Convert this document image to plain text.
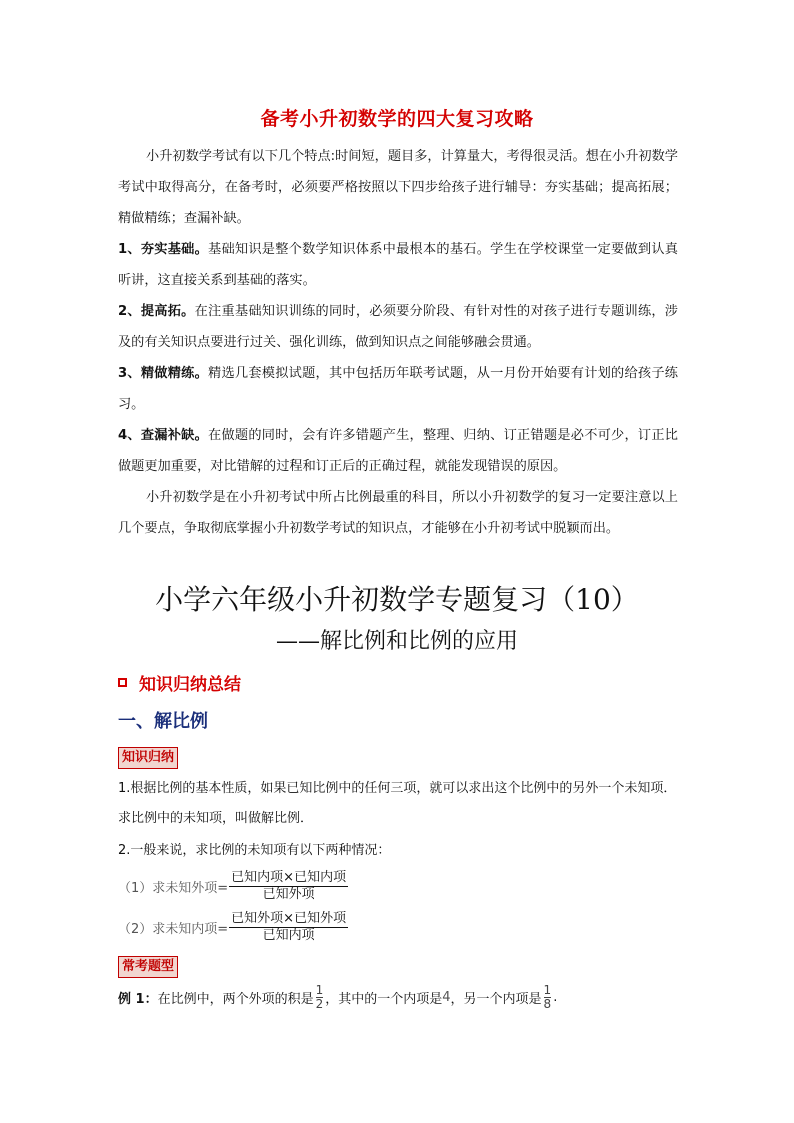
备考小升初数学的四大复习攻略
小升初数学考试有以下几个特点:时间短，题目多，计算量大，考得很灵活。想在小升初数学考试中取得高分，在备考时，必须要严格按照以下四步给孩子进行辅导：夯实基础；提高拓展；精做精练；查漏补缺。
1、夯实基础。基础知识是整个数学知识体系中最根本的基石。学生在学校课堂一定要做到认真听讲，这直接关系到基础的落实。
2、提高拓。在注重基础知识训练的同时，必须要分阶段、有针对性的对孩子进行专题训练，涉及的有关知识点要进行过关、强化训练，做到知识点之间能够融会贯通。
3、精做精练。精选几套模拟试题，其中包括历年联考试题，从一月份开始要有计划的给孩子练习。
4、查漏补缺。在做题的同时，会有许多错题产生，整理、归纳、订正错题是必不可少，订正比做题更加重要，对比错解的过程和订正后的正确过程，就能发现错误的原因。
小升初数学是在小升初考试中所占比例最重的科目，所以小升初数学的复习一定要注意以上几个要点，争取彻底掌握小升初数学考试的知识点，才能够在小升初考试中脱颖而出。
小学六年级小升初数学专题复习（10）
——解比例和比例的应用
知识归纳总结
一、解比例
知识归纳
1.根据比例的基本性质，如果已知比例中的任何三项，就可以求出这个比例中的另外一个未知项．求比例中的未知项，叫做解比例．
2.一般来说，求比例的未知项有以下两种情况：
（1）求未知外项= $\frac{\text{已知内项×已知内项}}{\text{已知外项}}$
（2）求未知内项= $\frac{\text{已知外项×已知外项}}{\text{已知内项}}$
常考题型
例 1： 在比例中，两个外项的积是 $\frac{1}{2}$ ，其中的一个内项是 4 ，另一个内项是 $\frac{1}{8}$ .
